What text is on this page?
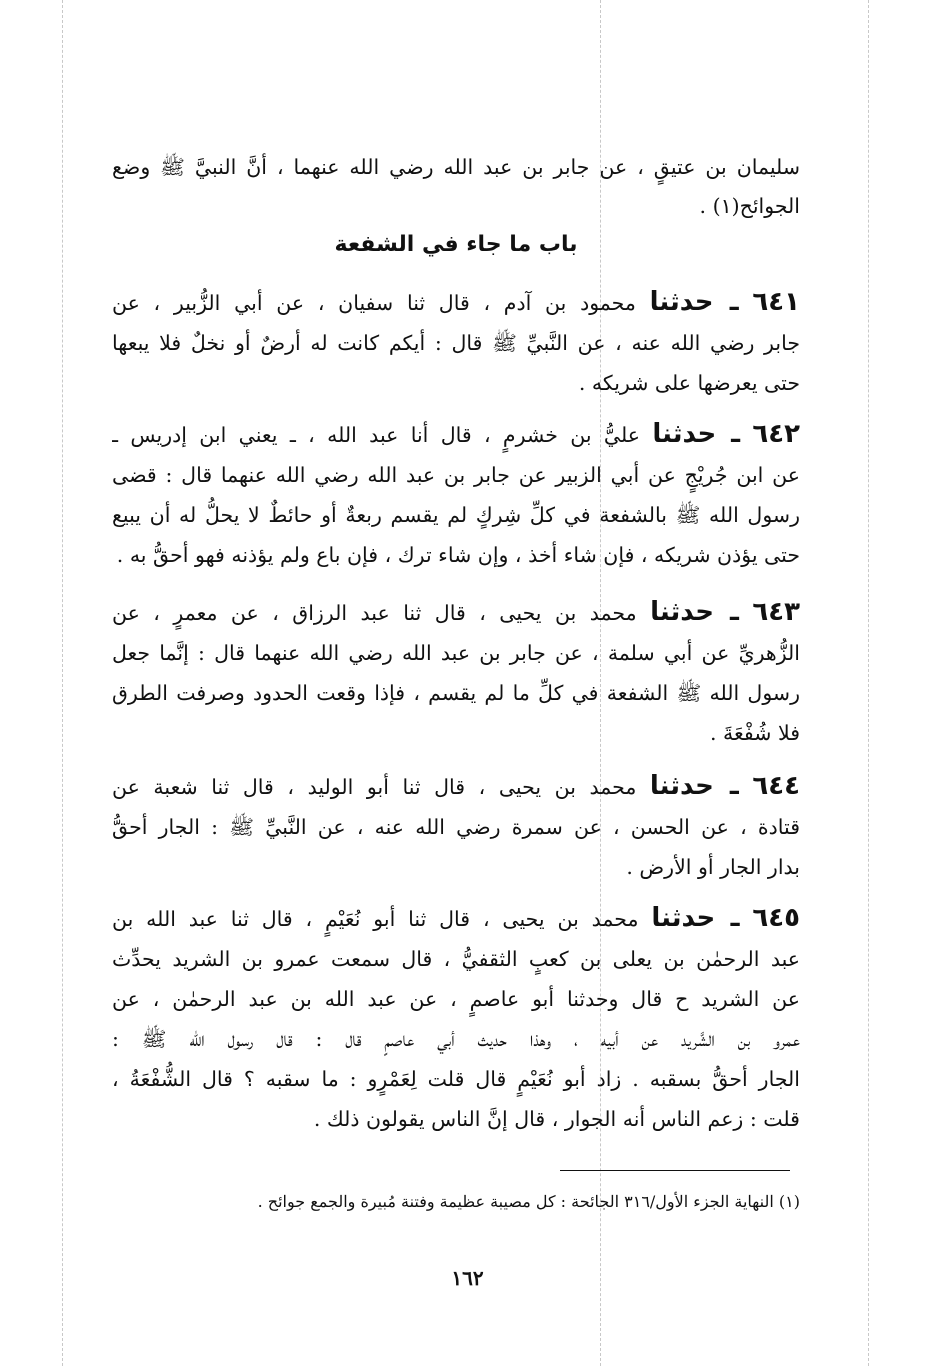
سليمان بن عتيقٍ ، عن جابر بن عبد الله رضي الله عنهما ، أنَّ النبيَّ ﷺ وضع
الجوائح(١) .
باب ما جاء في الشفعة
٦٤١ ـ حدثنا محمود بن آدم ، قال ثنا سفيان ، عن أبي الزُّبير ، عن
جابر رضي الله عنه ، عن النَّبيِّ ﷺ قال : أيكم كانت له أرضٌ أو نخلٌ فلا يبعها
حتى يعرضها على شريكه .
٦٤٢ ـ حدثنا عليُّ بن خشرمٍ ، قال أنا عبد الله ، ـ يعني ابن إدريس ـ
عن ابن جُريْجٍ عن أبي الزبير عن جابر بن عبد الله رضي الله عنهما قال : قضى
رسول الله ﷺ بالشفعة في كلِّ شِركٍ لم يقسم ربعةٌ أو حائطٌ لا يحلُّ له أن يبيع
حتى يؤذن شريكه ، فإن شاء أخذ ، وإن شاء ترك ، فإن باع ولم يؤذنه فهو أحقُّ به .
٦٤٣ ـ حدثنا محمد بن يحيى ، قال ثنا عبد الرزاق ، عن معمرٍ ، عن
الزُّهريِّ عن أبي سلمة ، عن جابر بن عبد الله رضي الله عنهما قال : إنَّما جعل
رسول الله ﷺ الشفعة في كلِّ ما لم يقسم ، فإذا وقعت الحدود وصرفت الطرق
فلا شُفْعَةَ .
٦٤٤ ـ حدثنا محمد بن يحيى ، قال ثنا أبو الوليد ، قال ثنا شعبة عن
قتادة ، عن الحسن ، عن سمرة رضي الله عنه ، عن النَّبيِّ ﷺ : الجار أحقُّ
بدار الجار أو الأرض .
٦٤٥ ـ حدثنا محمد بن يحيى ، قال ثنا أبو نُعَيْمٍ ، قال ثنا عبد الله بن
عبد الرحمٰن بن يعلى بن كعبٍ الثقفيُّ ، قال سمعت عمرو بن الشريد يحدِّث
عن الشريد ح قال وحدثنا أبو عاصمٍ ، عن عبد الله بن عبد الرحمٰن ، عن
عمرو بن الشَّريد عن أبيه ، وهذا حديث أبي عاصمٍ قال : قال رسول الله ﷺ :
الجار أحقُّ بسقبه . زاد أبو نُعَيْمٍ قال قلت لِعَمْرٍو : ما سقبه ؟ قال الشُّفْعَةُ ،
قلت : زعم الناس أنه الجوار ، قال إنَّ الناس يقولون ذلك .
(١) النهاية الجزء الأول/٣١٦ الجائحة : كل مصيبة عظيمة وفتنة مُبيرة والجمع جوائح .
١٦٢
